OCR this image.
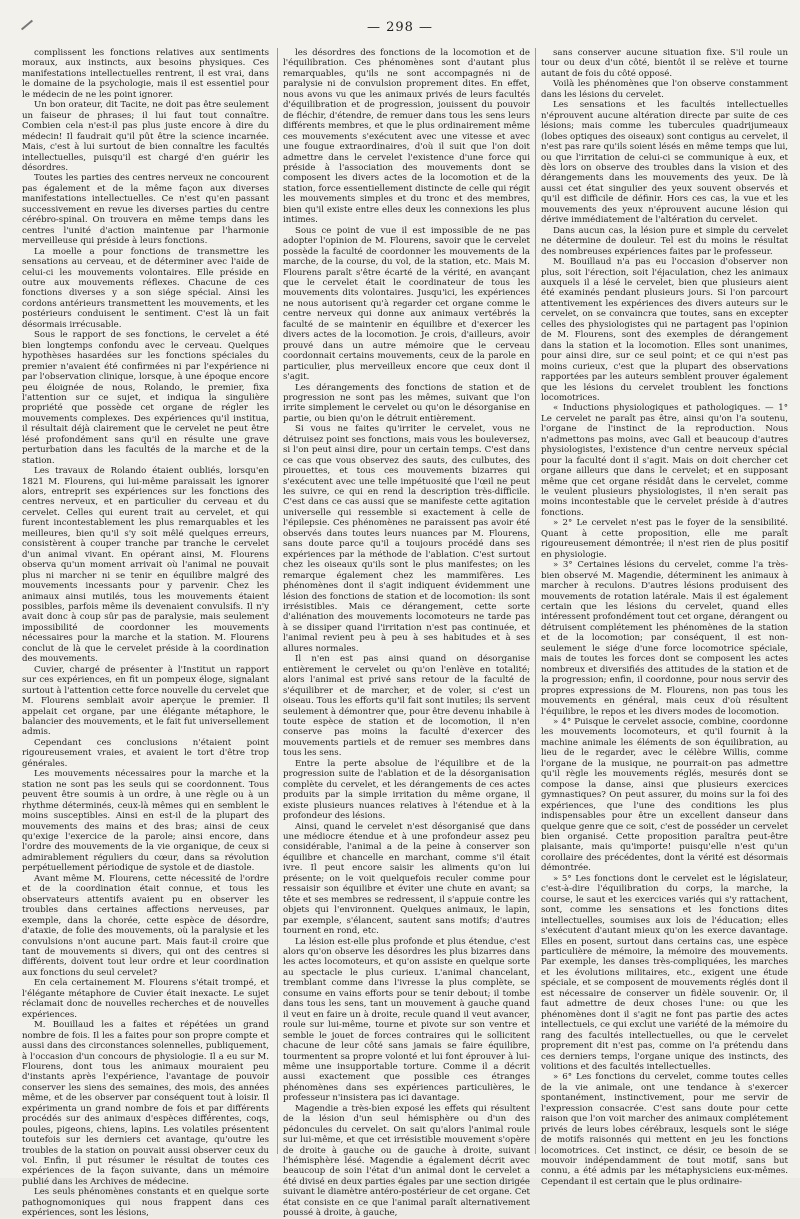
— 298 —

complissent les fonctions relatives aux sentiments moraux, aux instincts, aux besoins physiques. Ces manifestations intellectuelles rentrent, il est vrai, dans le domaine de la psychologie, mais il est essentiel pour le médecin de ne les point ignorer.

Un bon orateur, dit Tacite, ne doit pas être seulement un faiseur de phrases; il lui faut tout connaître. Combien cela n'est-il pas plus juste encore à dire du médecin! Il faudrait qu'il pût être la science incarnée. Mais, c'est à lui surtout de bien connaître les facultés intellectuelles, puisqu'il est chargé d'en guérir les désordres.

Toutes les parties des centres nerveux ne concourent pas également et de la même façon aux diverses manifestations intellectuelles. Ce n'est qu'en passant successivement en revue les diverses parties du centre cérébro-spinal. On trouvera en même temps dans les centres l'unité d'action maintenue par l'harmonie merveilleuse qui préside à leurs fonctions.

La moelle a pour fonctions de transmettre les sensations au cerveau, et de déterminer avec l'aide de celui-ci les mouvements volontaires. Elle préside en outre aux mouvements réflexes. Chacune de ces fonctions diverses y a son siége spécial. Ainsi les cordons antérieurs transmettent les mouvements, et les postérieurs conduisent le sentiment. C'est là un fait désormais irrécusable.

Sous le rapport de ses fonctions, le cervelet a été bien longtemps confondu avec le cerveau. Quelques hypothèses hasardées sur les fonctions spéciales du premier n'avaient été confirmées ni par l'expérience ni par l'observation clinique, lorsque, à une époque encore peu éloignée de nous, Rolando, le premier, fixa l'attention sur ce sujet, et indiqua la singulière propriété que possède cet organe de régler les mouvements complexes. Des expériences qu'il institua, il résultait déjà clairement que le cervelet ne peut être lésé profondément sans qu'il en résulte une grave perturbation dans les facultés de la marche et de la station.

Les travaux de Rolando étaient oubliés, lorsqu'en 1821 M. Flourens, qui lui-même paraissait les ignorer alors, entreprit ses expériences sur les fonctions des centres nerveux, et en particulier du cerveau et du cervelet. Celles qui eurent trait au cervelet, et qui furent incontestablement les plus remarquables et les meilleures, bien qu'il s'y soit mêlé quelques erreurs, consistèrent à couper tranche par tranche le cervelet d'un animal vivant. En opérant ainsi, M. Flourens observa qu'un moment arrivait où l'animal ne pouvait plus ni marcher ni se tenir en équilibre malgré des mouvements incessants pour y parvenir. Chez les animaux ainsi mutilés, tous les mouvements étaient possibles, parfois même ils devenaient convulsifs. Il n'y avait donc à coup sûr pas de paralysie, mais seulement impossibilité de coordonner les mouvements nécessaires pour la marche et la station. M. Flourens conclut de là que le cervelet préside à la coordination des mouvements.

Cuvier, chargé de présenter à l'Institut un rapport sur ces expériences, en fit un pompeux éloge, signalant surtout à l'attention cette force nouvelle du cervelet que M. Flourens semblait avoir aperçue le premier. Il appelait cet organe, par une élégante métaphore, le balancier des mouvements, et le fait fut universellement admis.

Cependant ces conclusions n'étaient point rigoureusement vraies, et avaient le tort d'être trop générales.

Les mouvements nécessaires pour la marche et la station ne sont pas les seuls qui se coordonnent. Tous peuvent être soumis à un ordre, à une règle ou à un rhythme déterminés, ceux-là mêmes qui en semblent le moins susceptibles. Ainsi en est-il de la plupart des mouvements des mains et des bras; ainsi de ceux qu'exige l'exercice de la parole; ainsi encore, dans l'ordre des mouvements de la vie organique, de ceux si admirablement réguliers du cœur, dans sa révolution perpétuellement périodique de systole et de diastole.

Avant même M. Flourens, cette nécessité de l'ordre et de la coordination était connue, et tous les observateurs attentifs avaient pu en observer les troubles dans certaines affections nerveuses, par exemple, dans la chorée, cette espèce de désordre, d'ataxie, de folie des mouvements, où la paralysie et les convulsions n'ont aucune part. Mais faut-il croire que tant de mouvements si divers, qui ont des centres si différents, doivent tout leur ordre et leur coordination aux fonctions du seul cervelet?

En cela certainement M. Flourens s'était trompé, et l'élégante métaphore de Cuvier était inexacte. Le sujet réclamait donc de nouvelles recherches et de nouvelles expériences.

M. Bouillaud les a faites et répétées un grand nombre de fois. Il les a faites pour son propre compte et aussi dans des circonstances solennelles, publiquement, à l'occasion d'un concours de physiologie. Il a eu sur M. Flourens, dont tous les animaux mouraient peu d'instants après l'expérience, l'avantage de pouvoir conserver les siens des semaines, des mois, des années même, et de les observer par conséquent tout à loisir. Il expérimenta un grand nombre de fois et par différents procédés sur des animaux d'espèces différentes, coqs, poules, pigeons, chiens, lapins. Les volatiles présentent toutefois sur les derniers cet avantage, qu'outre les troubles de la station on pouvait aussi observer ceux du vol. Enfin, il put résumer le résultat de toutes ces expériences de la façon suivante, dans un mémoire publié dans les Archives de médecine.

Les seuls phénomènes constants et en quelque sorte pathognomoniques qui nous frappent dans ces expériences, sont les lésions,

les désordres des fonctions de la locomotion et de l'équilibration. Ces phénomènes sont d'autant plus remarquables, qu'ils ne sont accompagnés ni de paralysie ni de convulsion proprement dites. En effet, nous avons vu que les animaux privés de leurs facultés d'équilibration et de progression, jouissent du pouvoir de fléchir, d'étendre, de remuer dans tous les sens leurs différents membres, et que le plus ordinairement même ces mouvements s'exécutent avec une vitesse et avec une fougue extraordinaires, d'où il suit que l'on doit admettre dans le cervelet l'existence d'une force qui préside à l'association des mouvements dont se composent les divers actes de la locomotion et de la station, force essentiellement distincte de celle qui régit les mouvements simples et du tronc et des membres, bien qu'il existe entre elles deux les connexions les plus intimes.

Sous ce point de vue il est impossible de ne pas adopter l'opinion de M. Flourens, savoir que le cervelet possède la faculté de coordonner les mouvements de la marche, de la course, du vol, de la station, etc. Mais M. Flourens paraît s'être écarté de la vérité, en avançant que le cervelet était le coordinateur de tous les mouvements dits volontaires. Jusqu'ici, les expériences ne nous autorisent qu'à regarder cet organe comme le centre nerveux qui donne aux animaux vertébrés la faculté de se maintenir en équilibre et d'exercer les divers actes de la locomotion. Je crois, d'ailleurs, avoir prouvé dans un autre mémoire que le cerveau coordonnait certains mouvements, ceux de la parole en particulier, plus merveilleux encore que ceux dont il s'agit.

Les dérangements des fonctions de station et de progression ne sont pas les mêmes, suivant que l'on irrite simplement le cervelet ou qu'on le désorganise en partie, ou bien qu'on le détruit entièrement.

Si vous ne faites qu'irriter le cervelet, vous ne détruisez point ses fonctions, mais vous les bouleversez, si l'on peut ainsi dire, pour un certain temps. C'est dans ce cas que vous observez des sauts, des culbutes, des pirouettes, et tous ces mouvements bizarres qui s'exécutent avec une telle impétuosité que l'œil ne peut les suivre, ce qui en rend la description très-difficile. C'est dans ce cas aussi que se manifeste cette agitation universelle qui ressemble si exactement à celle de l'épilepsie. Ces phénomènes ne paraissent pas avoir été observés dans toutes leurs nuances par M. Flourens, sans doute parce qu'il a toujours procédé dans ses expériences par la méthode de l'ablation. C'est surtout chez les oiseaux qu'ils sont le plus manifestes; on les remarque également chez les mammifères. Les phénomènes dont il s'agit indiquent évidemment une lésion des fonctions de station et de locomotion: ils sont irrésistibles. Mais ce dérangement, cette sorte d'aliénation des mouvements locomoteurs ne tarde pas à se dissiper quand l'irritation n'est pas continuée, et l'animal revient peu à peu à ses habitudes et à ses allures normales.

Il n'en est pas ainsi quand on désorganise entièrement le cervelet ou qu'on l'enlève en totalité; alors l'animal est privé sans retour de la faculté de s'équilibrer et de marcher, et de voler, si c'est un oiseau. Tous les efforts qu'il fait sont inutiles; ils servent seulement à démontrer que, pour être devenu inhabile à toute espèce de station et de locomotion, il n'en conserve pas moins la faculté d'exercer des mouvements partiels et de remuer ses membres dans tous les sens.

Entre la perte absolue de l'équilibre et de la progression suite de l'ablation et de la désorganisation complète du cervelet, et les dérangements de ces actes produits par la simple irritation du même organe, il existe plusieurs nuances relatives à l'étendue et à la profondeur des lésions.

Ainsi, quand le cervelet n'est désorganisé que dans une médiocre étendue et à une profondeur assez peu considérable, l'animal a de la peine à conserver son équilibre et chancelle en marchant, comme s'il était ivre. Il peut encore saisir les aliments qu'on lui présente; on le voit quelquefois reculer comme pour ressaisir son équilibre et éviter une chute en avant; sa tête et ses membres se redressent, il s'appuie contre les objets qui l'environnent. Quelques animaux, le lapin, par exemple, s'élancent, sautent sans motifs; d'autres tournent en rond, etc.

La lésion est-elle plus profonde et plus étendue, c'est alors qu'on observe les désordres les plus bizarres dans les actes locomoteurs, et qu'on assiste en quelque sorte au spectacle le plus curieux. L'animal chancelant, tremblant comme dans l'ivresse la plus complète, se consume en vains efforts pour se tenir debout; il tombe dans tous les sens, tant un mouvement à gauche quand il veut en faire un à droite, recule quand il veut avancer, roule sur lui-même, tourne et pivote sur son ventre et semble le jouet de forces contraires qui le sollicitent chacune de leur côté sans jamais se faire équilibre, tourmentent sa propre volonté et lui font éprouver à lui-même une insupportable torture. Comme il a décrit aussi exactement que possible ces étranges phénomènes dans ses expériences particulières, le professeur n'insistera pas ici davantage.

Magendie a très-bien exposé les effets qui résultent de la lésion d'un seul hémisphère ou d'un des pédoncules du cervelet. On sait qu'alors l'animal roule sur lui-même, et que cet irrésistible mouvement s'opère de droite à gauche ou de gauche à droite, suivant l'hémisphère lésé. Magendie a également décrit avec beaucoup de soin l'état d'un animal dont le cervelet a été divisé en deux parties égales par une section dirigée suivant le diamètre antéro-postérieur de cet organe. Cet état consiste en ce que l'animal paraît alternativement poussé à droite, à gauche,

sans conserver aucune situation fixe. S'il roule un tour ou deux d'un côté, bientôt il se relève et tourne autant de fois du côté opposé.

Voilà les phénomènes que l'on observe constamment dans les lésions du cervelet.

Les sensations et les facultés intellectuelles n'éprouvent aucune altération directe par suite de ces lésions; mais comme les tubercules quadrijumeaux (lobes optiques des oiseaux) sont contigus au cervelet, il n'est pas rare qu'ils soient lésés en même temps que lui, ou que l'irritation de celui-ci se communique à eux, et dès lors on observe des troubles dans la vision et des dérangements dans les mouvements des yeux. De là aussi cet état singulier des yeux souvent observés et qu'il est difficile de définir. Hors ces cas, la vue et les mouvements des yeux n'éprouvent aucune lésion qui dérive immédiatement de l'altération du cervelet.

Dans aucun cas, la lésion pure et simple du cervelet ne détermine de douleur. Tel est du moins le résultat des nombreuses expériences faites par le professeur.

M. Bouillaud n'a pas eu l'occasion d'observer non plus, soit l'érection, soit l'éjaculation, chez les animaux auxquels il a lésé le cervelet, bien que plusieurs aient été examinés pendant plusieurs jours. Si l'on parcourt attentivement les expériences des divers auteurs sur le cervelet, on se convaincra que toutes, sans en excepter celles des physiologistes qui ne partagent pas l'opinion de M. Flourens, sont des exemples de dérangement dans la station et la locomotion. Elles sont unanimes, pour ainsi dire, sur ce seul point; et ce qui n'est pas moins curieux, c'est que la plupart des observations rapportées par les auteurs semblent prouver également que les lésions du cervelet troublent les fonctions locomotrices.

« Inductions physiologiques et pathologiques. — 1° Le cervelet ne paraît pas être, ainsi qu'on l'a soutenu, l'organe de l'instinct de la reproduction. Nous n'admettons pas moins, avec Gall et beaucoup d'autres physiologistes, l'existence d'un centre nerveux spécial pour la faculté dont il s'agit. Mais on doit chercher cet organe ailleurs que dans le cervelet; et en supposant même que cet organe résidât dans le cervelet, comme le veulent plusieurs physiologistes, il n'en serait pas moins incontestable que le cervelet préside à d'autres fonctions.

» 2° Le cervelet n'est pas le foyer de la sensibilité. Quant à cette proposition, elle me paraît rigoureusement démontrée; il n'est rien de plus positif en physiologie.

» 3° Certaines lésions du cervelet, comme l'a très-bien observé M. Magendie, déterminent les animaux à marcher à reculons. D'autres lésions produisent des mouvements de rotation latérale. Mais il est également certain que les lésions du cervelet, quand elles intéressent profondément tout cet organe, dérangent ou détruisent complétement les phénomènes de la station et de la locomotion; par conséquent, il est non-seulement le siége d'une force locomotrice spéciale, mais de toutes les forces dont se composent les actes nombreux et diversifiés des attitudes de la station et de la progression; enfin, il coordonne, pour nous servir des propres expressions de M. Flourens, non pas tous les mouvements en général, mais ceux d'où résultent l'équilibre, le repos et les divers modes de locomotion.

» 4° Puisque le cervelet associe, combine, coordonne les mouvements locomoteurs, et qu'il fournit à la machine animale les éléments de son équilibration, au lieu de le regarder, avec le célèbre Willis, comme l'organe de la musique, ne pourrait-on pas admettre qu'il règle les mouvements réglés, mesurés dont se compose la danse, ainsi que plusieurs exercices gymnastiques? On peut assurer, du moins sur la foi des expériences, que l'une des conditions les plus indispensables pour être un excellent danseur dans quelque genre que ce soit, c'est de posséder un cervelet bien organisé. Cette proposition paraîtra peut-être plaisante, mais qu'importe! puisqu'elle n'est qu'un corollaire des précédentes, dont la vérité est désormais démontrée.

» 5° Les fonctions dont le cervelet est le législateur, c'est-à-dire l'équilibration du corps, la marche, la course, le saut et les exercices variés qui s'y rattachent, sont, comme les sensations et les fonctions dites intellectuelles, soumises aux lois de l'éducation; elles s'exécutent d'autant mieux qu'on les exerce davantage. Elles en posent, surtout dans certains cas, une espèce particulière de mémoire, la mémoire des mouvements. Par exemple, les danses très-compliquées, les marches et les évolutions militaires, etc., exigent une étude spéciale, et se composent de mouvements réglés dont il est nécessaire de conserver un fidèle souvenir. Or, il faut admettre de deux choses l'une: ou que les phénomènes dont il s'agit ne font pas partie des actes intellectuels, ce qui exclut une variété de la mémoire du rang des facultés intellectuelles, ou que le cervelet proprement dit n'est pas, comme on l'a prétendu dans ces derniers temps, l'organe unique des instincts, des volitions et des facultés intellectuelles.

» 6° Les fonctions du cervelet, comme toutes celles de la vie animale, ont une tendance à s'exercer spontanément, instinctivement, pour me servir de l'expression consacrée. C'est sans doute pour cette raison que l'on voit marcher des animaux complétement privés de leurs lobes cérébraux, lesquels sont le siége de motifs raisonnés qui mettent en jeu les fonctions locomotrices. Cet instinct, ce désir, ce besoin de se mouvoir indépendamment de tout motif, sans but connu, a été admis par les métaphysiciens eux-mêmes. Cependant il est certain que le plus ordinaire-
